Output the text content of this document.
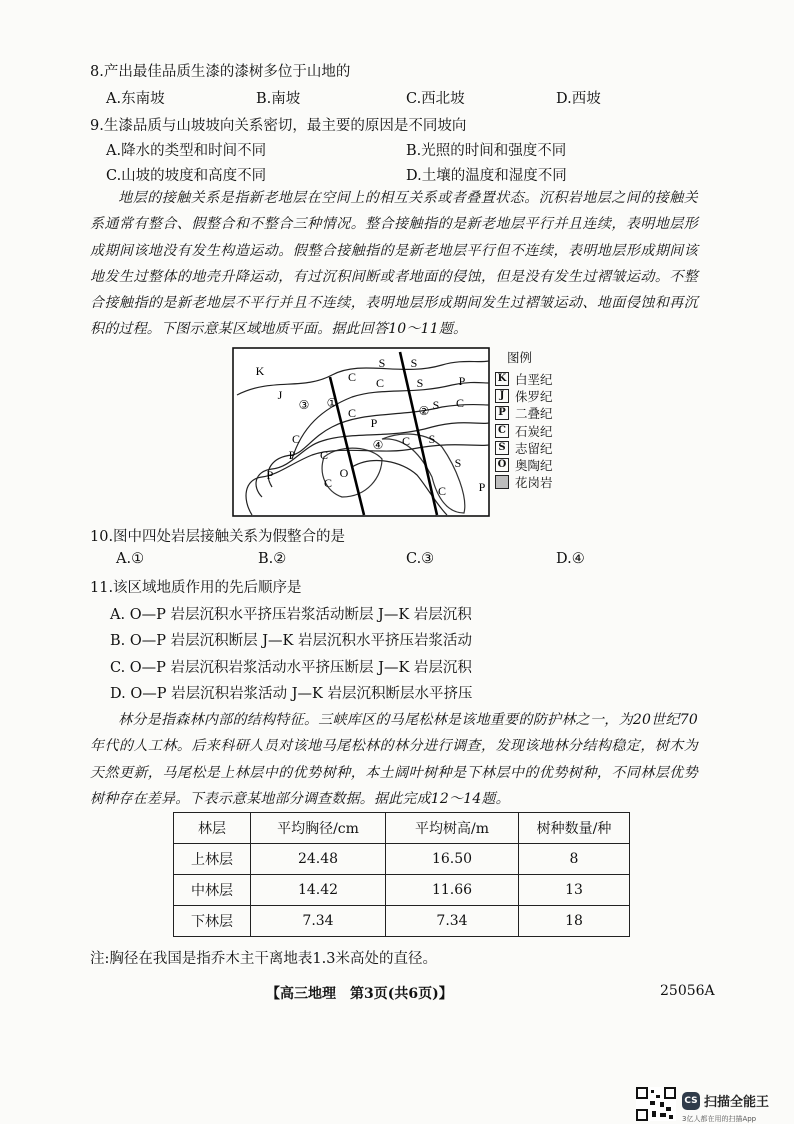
8.产出最佳品质生漆的漆树多位于山地的
A.东南坡	B.南坡	C.西北坡	D.西坡
9.生漆品质与山坡坡向关系密切，最主要的原因是不同坡向
A.降水的类型和时间不同	B.光照的时间和强度不同
C.山坡的坡度和高度不同	D.土壤的温度和湿度不同
地层的接触关系是指新老地层在空间上的相互关系或者叠置状态。沉积岩地层之间的接触关系通常有整合、假整合和不整合三种情况。整合接触指的是新老地层平行并且连续，表明地层形成期间该地没有发生构造运动。假整合接触指的是新老地层平行但不连续，表明地层形成期间该地发生过整体的地壳升降运动，有过沉积间断或者地面的侵蚀，但是没有发生过褶皱运动。不整合接触指的是新老地层不平行并且不连续，表明地层形成期间发生过褶皱运动、地面侵蚀和再沉积的过程。下图示意某区域地质平面。据此回答10～11题。
K
J
S S
C C
P
C
S
S
P
C
C
P C
C S
S
O
C	P
C
P
③ ①
②
④
图例
K 白垩纪
J 侏罗纪
P 二叠纪
C 石炭纪
S 志留纪
O 奥陶纪
花岗岩
10.图中四处岩层接触关系为假整合的是
A.①	B.②	C.③	D.④
11.该区域地质作用的先后顺序是
A. O—P 岩层沉积水平挤压岩浆活动断层 J—K 岩层沉积
B. O—P 岩层沉积断层 J—K 岩层沉积水平挤压岩浆活动
C. O—P 岩层沉积岩浆活动水平挤压断层 J—K 岩层沉积
D. O—P 岩层沉积岩浆活动 J—K 岩层沉积断层水平挤压
林分是指森林内部的结构特征。三峡库区的马尾松林是该地重要的防护林之一，为20世纪70年代的人工林。后来科研人员对该地马尾松林的林分进行调查，发现该地林分结构稳定，树木为天然更新，马尾松是上林层中的优势树种，本土阔叶树种是下林层中的优势树种，不同林层优势树种存在差异。下表示意某地部分调查数据。据此完成12～14题。
林层	平均胸径/cm	平均树高/m	树种数量/种
上林层	24.48	16.50	8
中林层	14.42	11.66	13
下林层	7.34	7.34	18
注:胸径在我国是指乔木主干离地表1.3米高处的直径。
【高三地理　第3页(共6页)】	25056A
CS 扫描全能王
3亿人都在用的扫描App
